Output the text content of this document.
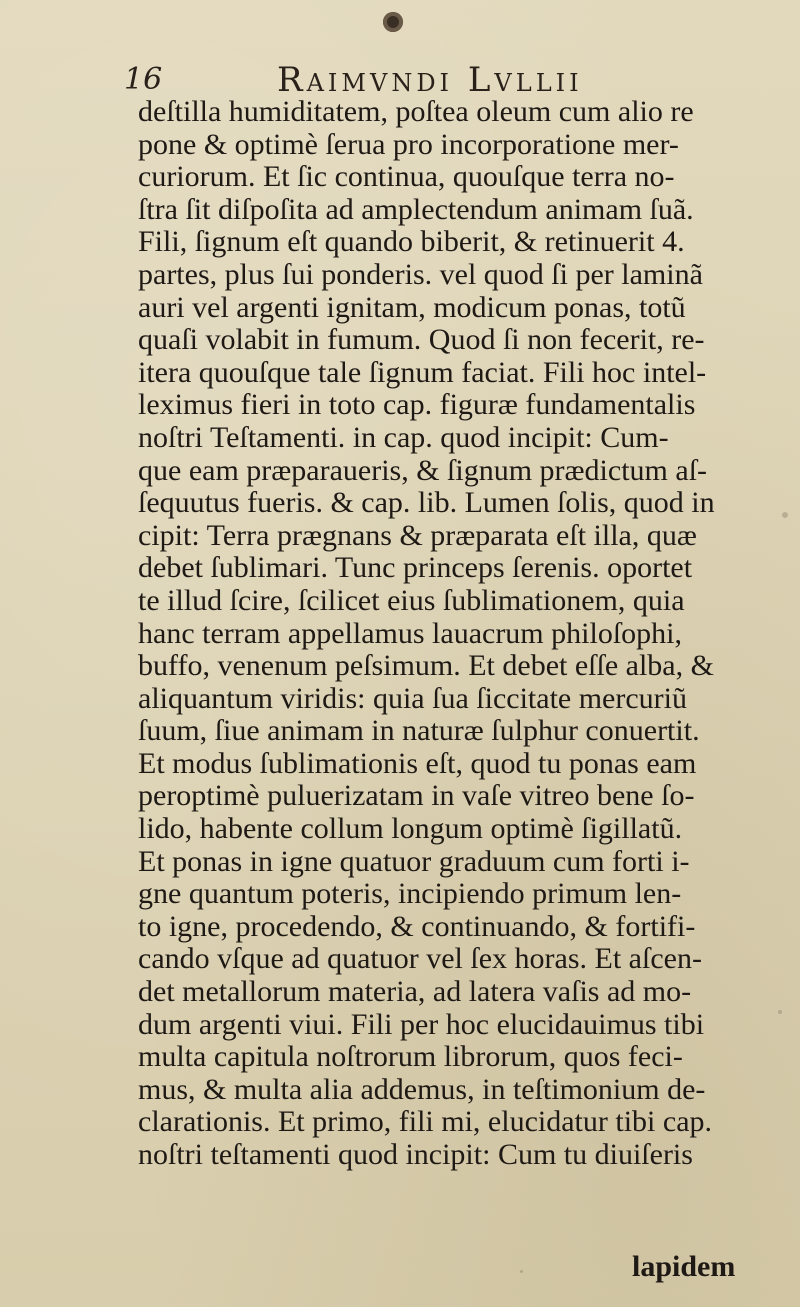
16	Raimvndi Lvllii
deſtilla humiditatem, poſtea oleum cum alio re
pone & optimè ſerua pro incorporatione mer-
curiorum. Et ſic continua, quouſque terra no-
ſtra ſit diſpoſita ad amplectendum animam ſuã.
Fili, ſignum eſt quando biberit, & retinuerit 4.
partes, plus ſui ponderis. vel quod ſi per laminã
auri vel argenti ignitam, modicum ponas, totũ
quaſi volabit in fumum. Quod ſi non fecerit, re-
itera quouſque tale ſignum faciat. Fili hoc intel-
leximus fieri in toto cap. figuræ fundamentalis
noſtri Teſtamenti. in cap. quod incipit: Cum-
que eam præparaueris, & ſignum prædictum aſ-
ſequutus fueris. & cap. lib. Lumen ſolis, quod in
cipit: Terra prægnans & præparata eſt illa, quæ
debet ſublimari. Tunc princeps ſerenis. oportet
te illud ſcire, ſcilicet eius ſublimationem, quia
hanc terram appellamus lauacrum philoſophi,
buffo, venenum peſsimum. Et debet eſſe alba, &
aliquantum viridis: quia ſua ſiccitate mercuriũ
ſuum, ſiue animam in naturæ ſulphur conuertit.
Et modus ſublimationis eſt, quod tu ponas eam
peroptimè puluerizatam in vaſe vitreo bene ſo-
lido, habente collum longum optimè ſigillatũ.
Et ponas in igne quatuor graduum cum forti i-
gne quantum poteris, incipiendo primum len-
to igne, procedendo, & continuando, & fortifi-
cando vſque ad quatuor vel ſex horas. Et aſcen-
det metallorum materia, ad latera vaſis ad mo-
dum argenti viui. Fili per hoc elucidauimus tibi
multa capitula noſtrorum librorum, quos feci-
mus, & multa alia addemus, in teſtimonium de-
clarationis. Et primo, fili mi, elucidatur tibi cap.
noſtri teſtamenti quod incipit: Cum tu diuiſeris
lapidem
